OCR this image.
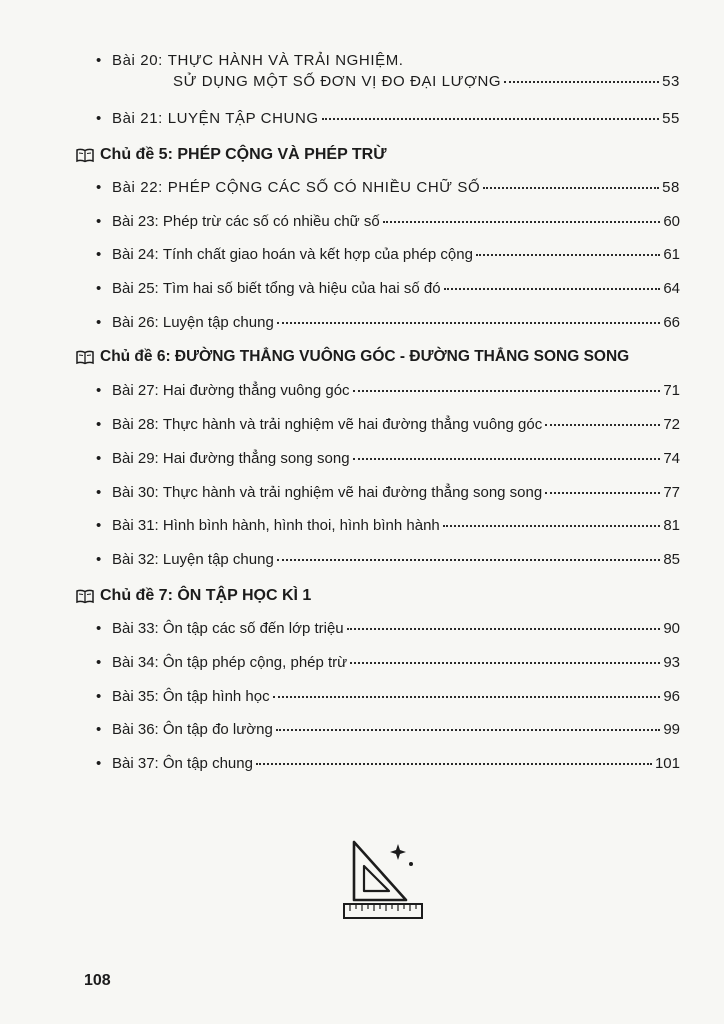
• Bài 20:
THỰC HÀNH VÀ TRẢI NGHIỆM.
SỬ DỤNG MỘT SỐ ĐƠN VỊ ĐO ĐẠI LƯỢNG	53
• Bài 21:
LUYỆN TẬP CHUNG	55
Chủ đề 5: PHÉP CỘNG VÀ PHÉP TRỪ
• Bài 22:
PHÉP CỘNG CÁC SỐ CÓ NHIỀU CHỮ SỐ	58
• Bài 23:
Phép trừ các số có nhiều chữ số	60
• Bài 24:
Tính chất giao hoán và kết hợp của phép cộng	61
• Bài 25:
Tìm hai số biết tổng và hiệu của hai số đó	64
• Bài 26:
Luyện tập chung	66
Chủ đề 6: ĐƯỜNG THẲNG VUÔNG GÓC - ĐƯỜNG THẲNG SONG SONG
• Bài 27:
Hai đường thẳng vuông góc	71
• Bài 28:
Thực hành và trải nghiệm vẽ hai đường thẳng vuông góc	72
• Bài 29:
Hai đường thẳng song song	74
• Bài 30:
Thực hành và trải nghiệm vẽ hai đường thẳng song song	77
• Bài 31:
Hình bình hành, hình thoi, hình bình hành	81
• Bài 32:
Luyện tập chung	85
Chủ đề 7: ÔN TẬP HỌC KÌ 1
• Bài 33:
Ôn tập các số đến lớp triệu	90
• Bài 34:
Ôn tập phép cộng, phép trừ	93
• Bài 35:
Ôn tập hình học	96
• Bài 36:
Ôn tập đo lường	99
• Bài 37:
Ôn tập chung	101
108
